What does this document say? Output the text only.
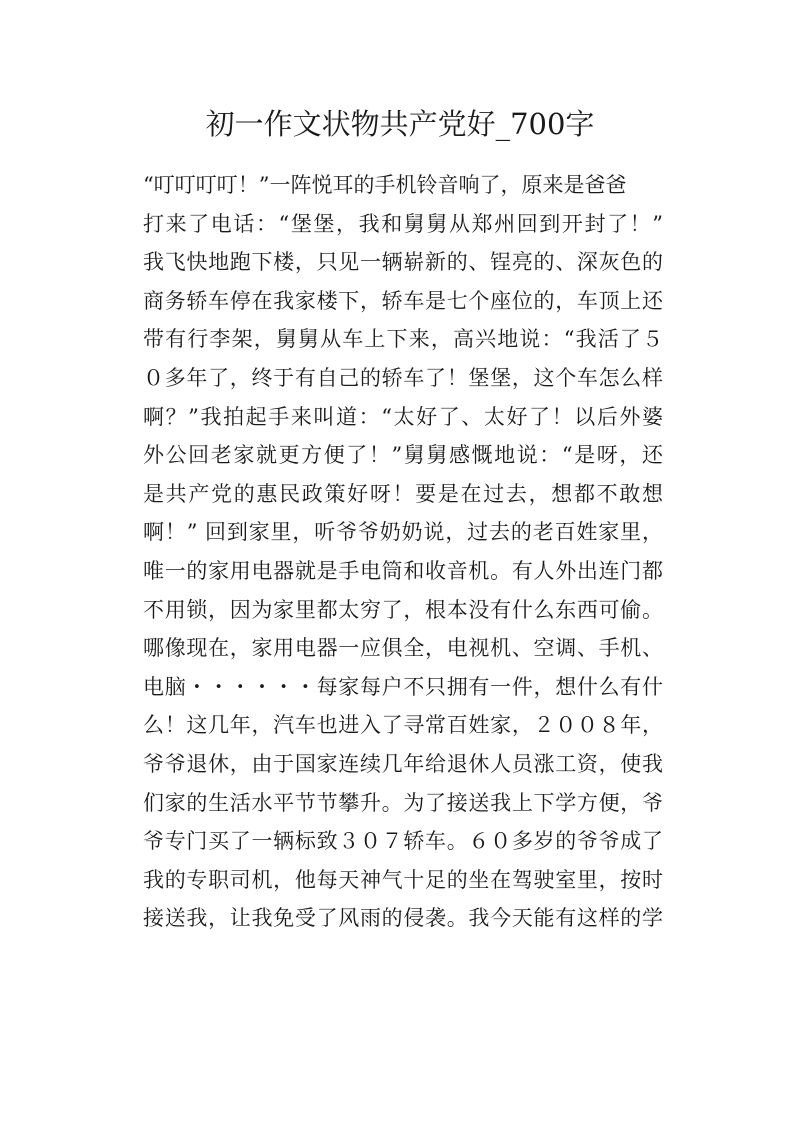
初一作文状物共产党好_700字
“叮叮叮叮！”一阵悦耳的手机铃音响了，原来是爸爸
打来了电话：“堡堡，我和舅舅从郑州回到开封了！”
我飞快地跑下楼，只见一辆崭新的、锃亮的、深灰色的
商务轿车停在我家楼下，轿车是七个座位的，车顶上还
带有行李架，舅舅从车上下来，高兴地说：“我活了５
０多年了，终于有自己的轿车了！堡堡，这个车怎么样
啊？”我拍起手来叫道：“太好了、太好了！以后外婆
外公回老家就更方便了！”舅舅感慨地说：“是呀，还
是共产党的惠民政策好呀！要是在过去，想都不敢想
啊！” 回到家里，听爷爷奶奶说，过去的老百姓家里，
唯一的家用电器就是手电筒和收音机。有人外出连门都
不用锁，因为家里都太穷了，根本没有什么东西可偷。
哪像现在，家用电器一应俱全，电视机、空调、手机、
电脑・・・・・・每家每户不只拥有一件，想什么有什
么！这几年，汽车也进入了寻常百姓家，２００８年，
爷爷退休，由于国家连续几年给退休人员涨工资，使我
们家的生活水平节节攀升。为了接送我上下学方便，爷
爷专门买了一辆标致３０７轿车。６０多岁的爷爷成了
我的专职司机，他每天神气十足的坐在驾驶室里，按时
接送我，让我免受了风雨的侵袭。我今天能有这样的学
